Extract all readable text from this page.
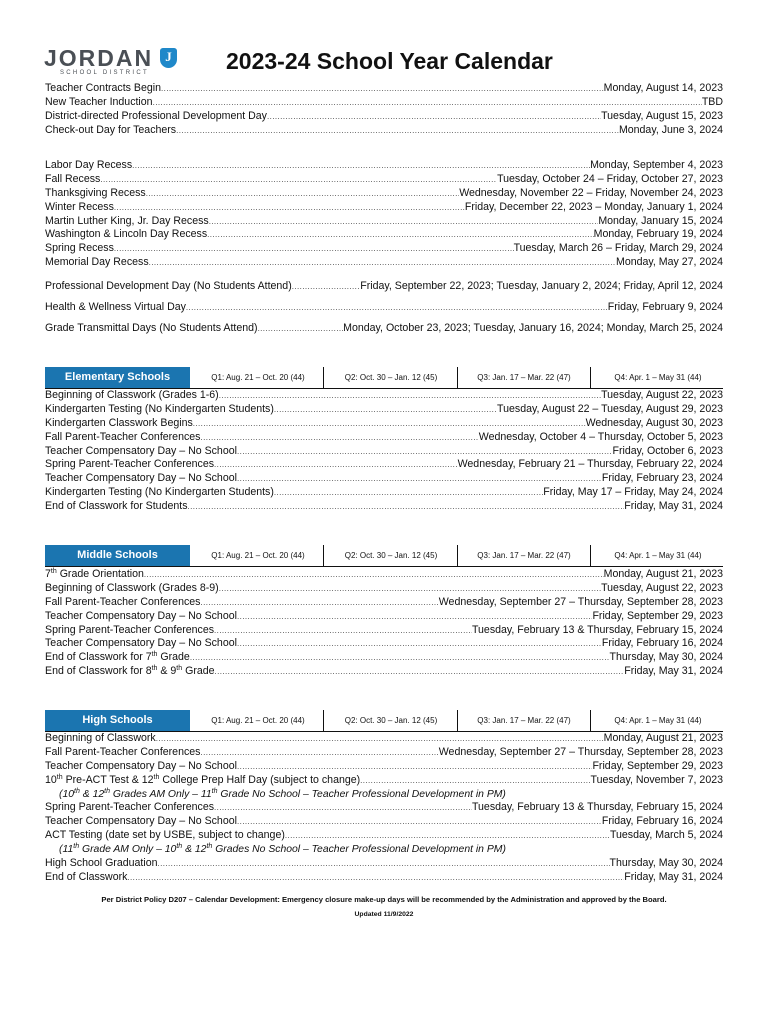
JORDAN
SCHOOL DISTRICT
J 2023-24 School Year Calendar
Teacher Contracts Begin .....	Monday, August 14, 2023
New Teacher Induction .....	TBD
District-directed Professional Development Day .....	Tuesday, August 15, 2023
Check-out Day for Teachers .....	Monday, June 3, 2024
Labor Day Recess .....	Monday, September 4, 2023
Fall Recess .....	Tuesday, October 24 – Friday, October 27, 2023
Thanksgiving Recess .....	Wednesday, November 22 – Friday, November 24, 2023
Winter Recess .....	Friday, December 22, 2023 – Monday, January 1, 2024
Martin Luther King, Jr. Day Recess .....	Monday, January 15, 2024
Washington & Lincoln Day Recess .....	Monday, February 19, 2024
Spring Recess .....	Tuesday, March 26 – Friday, March 29, 2024
Memorial Day Recess .....	Monday, May 27, 2024
Professional Development Day (No Students Attend) .....	Friday, September 22, 2023; Tuesday, January 2, 2024; Friday, April 12, 2024
Health & Wellness Virtual Day .....	Friday, February 9, 2024
Grade Transmittal Days (No Students Attend) .....	Monday, October 23, 2023; Tuesday, January 16, 2024; Monday, March 25, 2024
Elementary Schools	Q1: Aug. 21 – Oct. 20 (44)	Q2: Oct. 30 – Jan. 12 (45)	Q3: Jan. 17 – Mar. 22 (47)	Q4: Apr. 1 – May 31 (44)
Beginning of Classwork (Grades 1-6) .....	Tuesday, August 22, 2023
Kindergarten Testing (No Kindergarten Students) .....	Tuesday, August 22 – Tuesday, August 29, 2023
Kindergarten Classwork Begins .....	Wednesday, August 30, 2023
Fall Parent-Teacher Conferences .....	Wednesday, October 4 – Thursday, October 5, 2023
Teacher Compensatory Day – No School .....	Friday, October 6, 2023
Spring Parent-Teacher Conferences .....	Wednesday, February 21 – Thursday, February 22, 2024
Teacher Compensatory Day – No School .....	Friday, February 23, 2024
Kindergarten Testing (No Kindergarten Students) .....	Friday, May 17 – Friday, May 24, 2024
End of Classwork for Students .....	Friday, May 31, 2024
Middle Schools	Q1: Aug. 21 – Oct. 20 (44)	Q2: Oct. 30 – Jan. 12 (45)	Q3: Jan. 17 – Mar. 22 (47)	Q4: Apr. 1 – May 31 (44)
7th Grade Orientation .....	Monday, August 21, 2023
Beginning of Classwork (Grades 8-9) .....	Tuesday, August 22, 2023
Fall Parent-Teacher Conferences .....	Wednesday, September 27 – Thursday, September 28, 2023
Teacher Compensatory Day – No School .....	Friday, September 29, 2023
Spring Parent-Teacher Conferences .....	Tuesday, February 13 & Thursday, February 15, 2024
Teacher Compensatory Day – No School .....	Friday, February 16, 2024
End of Classwork for 7th Grade .....	Thursday, May 30, 2024
End of Classwork for 8th & 9th Grade .....	Friday, May 31, 2024
High Schools	Q1: Aug. 21 – Oct. 20 (44)	Q2: Oct. 30 – Jan. 12 (45)	Q3: Jan. 17 – Mar. 22 (47)	Q4: Apr. 1 – May 31 (44)
Beginning of Classwork .....	Monday, August 21, 2023
Fall Parent-Teacher Conferences .....	Wednesday, September 27 – Thursday, September 28, 2023
Teacher Compensatory Day – No School .....	Friday, September 29, 2023
10th Pre-ACT Test & 12th College Prep Half Day (subject to change) .....	Tuesday, November 7, 2023
(10th & 12th Grades AM Only – 11th Grade No School – Teacher Professional Development in PM)
Spring Parent-Teacher Conferences .....	Tuesday, February 13 & Thursday, February 15, 2024
Teacher Compensatory Day – No School .....	Friday, February 16, 2024
ACT Testing (date set by USBE, subject to change) .....	Tuesday, March 5, 2024
(11th Grade AM Only – 10th & 12th Grades No School – Teacher Professional Development in PM)
High School Graduation .....	Thursday, May 30, 2024
End of Classwork .....	Friday, May 31, 2024
Per District Policy D207 – Calendar Development: Emergency closure make-up days will be recommended by the Administration and approved by the Board.
Updated 11/9/2022
